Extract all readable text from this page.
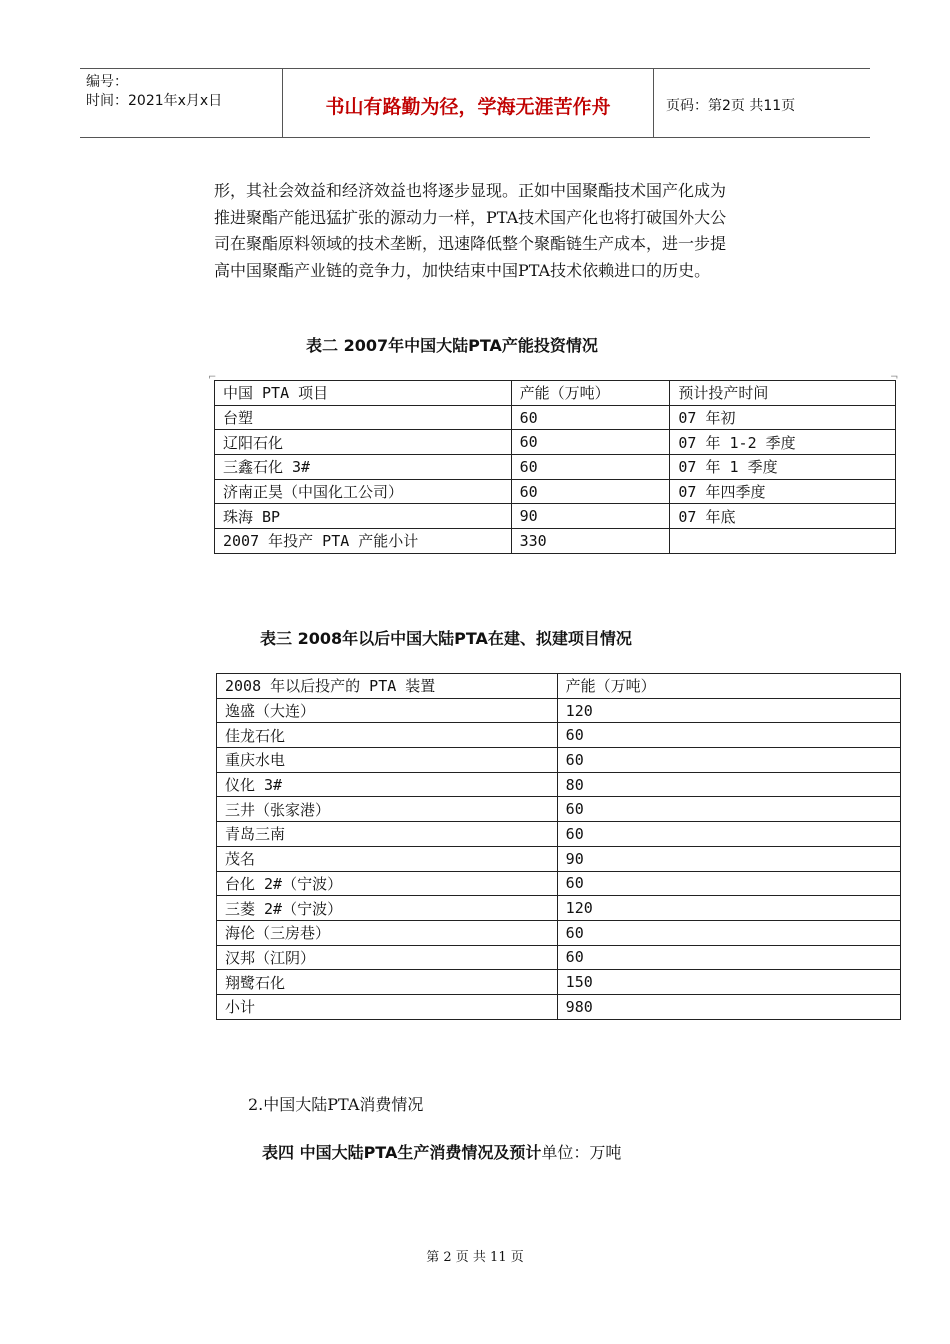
编号：
时间：2021年x月x日	书山有路勤为径，学海无涯苦作舟	页码：第2页 共11页

形，其社会效益和经济效益也将逐步显现。正如中国聚酯技术国产化成为推进聚酯产能迅猛扩张的源动力一样，PTA技术国产化也将打破国外大公司在聚酯原料领域的技术垄断，迅速降低整个聚酯链生产成本，进一步提高中国聚酯产业链的竞争力，加快结束中国PTA技术依赖进口的历史。

表二 2007年中国大陆PTA产能投资情况

⌐	¬
中国 PTA 项目	产能（万吨）	预计投产时间
台塑	60	07 年初
辽阳石化	60	07 年 1-2 季度
三鑫石化 3#	60	07 年 1 季度
济南正昊（中国化工公司）	60	07 年四季度
珠海 BP	90	07 年底
2007 年投产 PTA 产能小计	330	

表三 2008年以后中国大陆PTA在建、拟建项目情况

2008 年以后投产的 PTA 装置	产能（万吨）
逸盛（大连）	120
佳龙石化	60
重庆水电	60
仪化 3#	80
三井（张家港）	60
青岛三南	60
茂名	90
台化 2#（宁波）	60
三菱 2#（宁波）	120
海伦（三房巷）	60
汉邦（江阴）	60
翔鹭石化	150
小计	980

2.中国大陆PTA消费情况

表四 中国大陆PTA生产消费情况及预计单位：万吨

第 2 页 共 11 页
